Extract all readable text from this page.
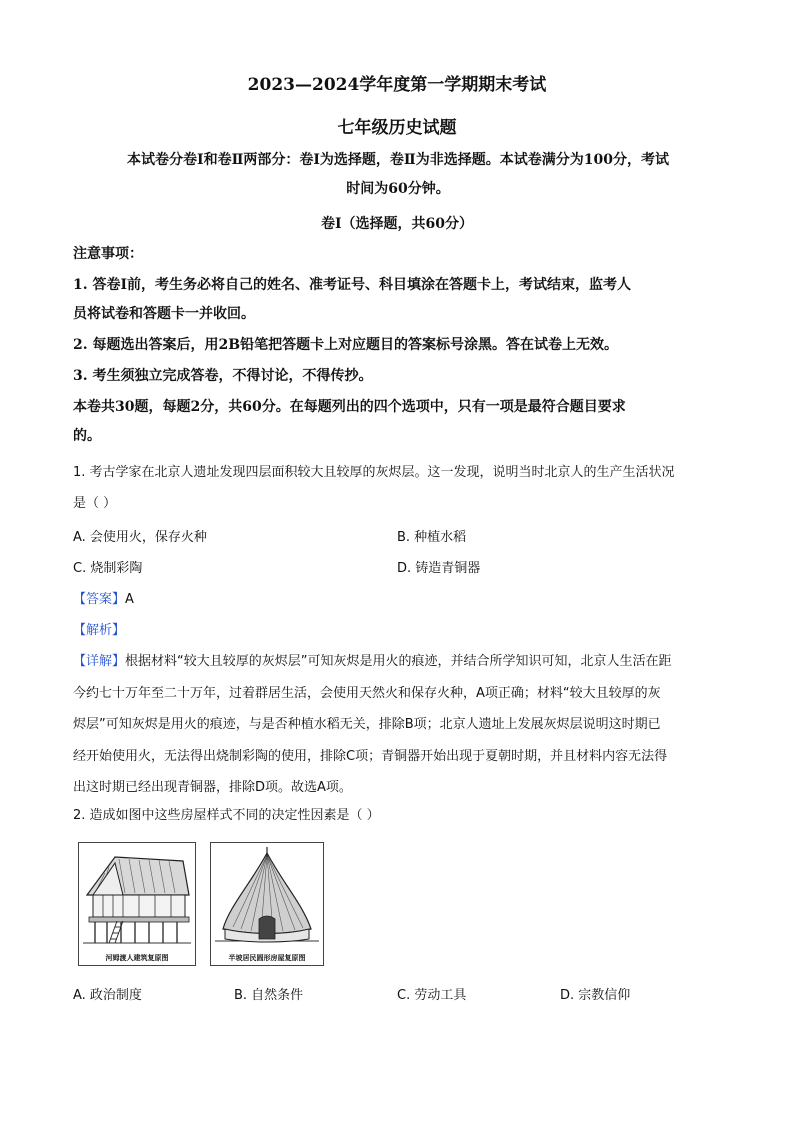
2023—2024学年度第一学期期末考试
七年级历史试题
本试卷分卷Ⅰ和卷Ⅱ两部分：卷Ⅰ为选择题，卷Ⅱ为非选择题。本试卷满分为100分，考试
时间为60分钟。
卷Ⅰ（选择题，共60分）
注意事项：
1. 答卷Ⅰ前，考生务必将自己的姓名、准考证号、科目填涂在答题卡上，考试结束，监考人
员将试卷和答题卡一并收回。
2. 每题选出答案后，用2B铅笔把答题卡上对应题目的答案标号涂黑。答在试卷上无效。
3. 考生须独立完成答卷，不得讨论，不得传抄。
本卷共30题，每题2分，共60分。在每题列出的四个选项中，只有一项是最符合题目要求
的。
1. 考古学家在北京人遗址发现四层面积较大且较厚的灰烬层。这一发现，说明当时北京人的生产生活状况
是（ ）
A. 会使用火，保存火种	B. 种植水稻
C. 烧制彩陶	D. 铸造青铜器
【答案】A
【解析】
【详解】根据材料“较大且较厚的灰烬层”可知灰烬是用火的痕迹，并结合所学知识可知，北京人生活在距
今约七十万年至二十万年，过着群居生活，会使用天然火和保存火种，A项正确；材料“较大且较厚的灰
烬层”可知灰烬是用火的痕迹，与是否种植水稻无关，排除B项；北京人遗址上发展灰烬层说明这时期已
经开始使用火，无法得出烧制彩陶的使用，排除C项；青铜器开始出现于夏朝时期，并且材料内容无法得
出这时期已经出现青铜器，排除D项。故选A项。
2. 造成如图中这些房屋样式不同的决定性因素是（ ）
河姆渡人建筑复原图	半坡居民圆形房屋复原图
A. 政治制度	B. 自然条件	C. 劳动工具	D. 宗教信仰
